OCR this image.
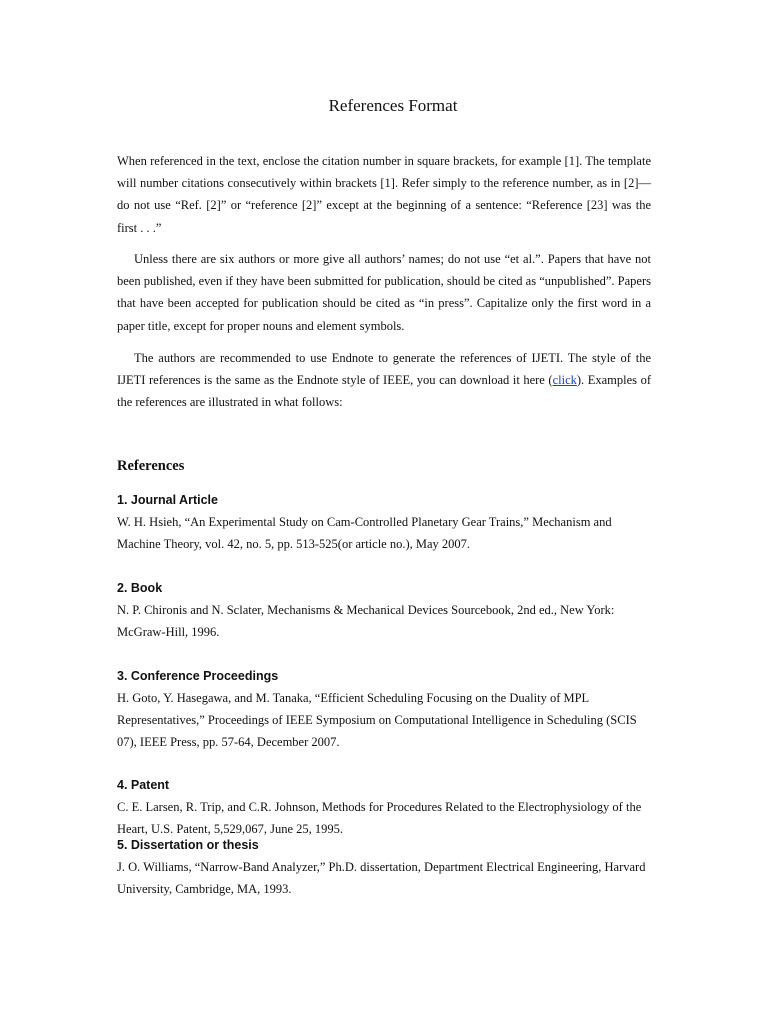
References Format

When referenced in the text, enclose the citation number in square brackets, for example [1]. The template will number citations consecutively within brackets [1]. Refer simply to the reference number, as in [2]—do not use “Ref. [2]” or “reference [2]” except at the beginning of a sentence: “Reference [23] was the first . . .”

Unless there are six authors or more give all authors’ names; do not use “et al.”. Papers that have not been published, even if they have been submitted for publication, should be cited as “unpublished”. Papers that have been accepted for publication should be cited as “in press”. Capitalize only the first word in a paper title, except for proper nouns and element symbols.

The authors are recommended to use Endnote to generate the references of IJETI. The style of the IJETI references is the same as the Endnote style of IEEE, you can download it here (click). Examples of the references are illustrated in what follows:

References
1. Journal Article

W. H. Hsieh, “An Experimental Study on Cam-Controlled Planetary Gear Trains,” Mechanism and Machine Theory, vol. 42, no. 5, pp. 513-525(or article no.), May 2007.

2. Book

N. P. Chironis and N. Sclater, Mechanisms & Mechanical Devices Sourcebook, 2nd ed., New York: McGraw-Hill, 1996.

3. Conference Proceedings

H. Goto, Y. Hasegawa, and M. Tanaka, “Efficient Scheduling Focusing on the Duality of MPL Representatives,” Proceedings of IEEE Symposium on Computational Intelligence in Scheduling (SCIS 07), IEEE Press, pp. 57-64, December 2007.

4. Patent

C. E. Larsen, R. Trip, and C.R. Johnson, Methods for Procedures Related to the Electrophysiology of the Heart, U.S. Patent, 5,529,067, June 25, 1995.

5. Dissertation or thesis

J. O. Williams, “Narrow-Band Analyzer,” Ph.D. dissertation, Department Electrical Engineering, Harvard University, Cambridge, MA, 1993.
